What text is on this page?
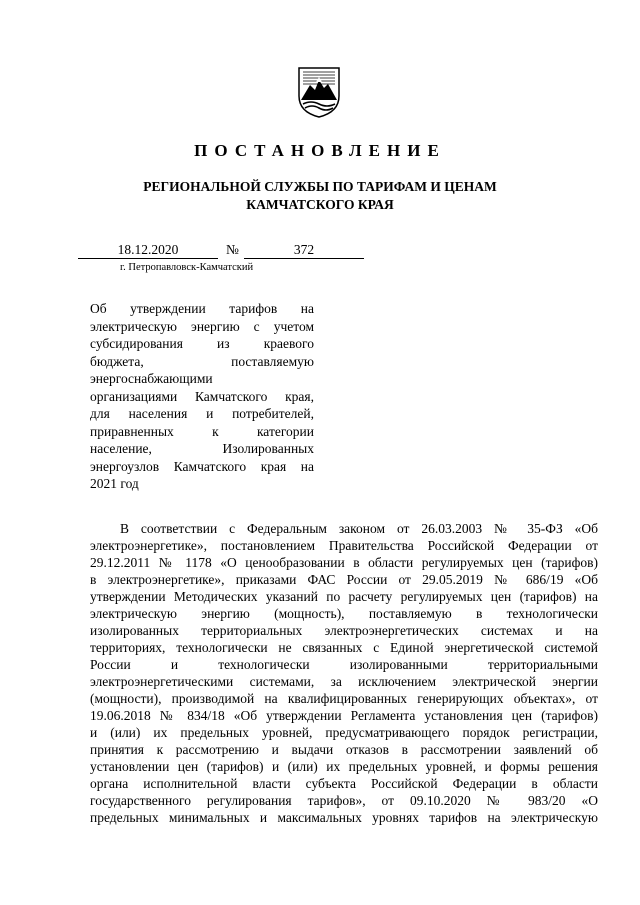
ПОСТАНОВЛЕНИЕ
РЕГИОНАЛЬНОЙ СЛУЖБЫ ПО ТАРИФАМ И ЦЕНАМ
КАМЧАТСКОГО КРАЯ
18.12.2020	№	372
г. Петропавловск-Камчатский
Об утверждении тарифов на
электрическую энергию с учетом
субсидирования из краевого
бюджета, поставляемую
энергоснабжающими
организациями Камчатского края,
для населения и потребителей,
приравненных к категории
население, Изолированных
энергоузлов Камчатского края на
2021 год
В соответствии с Федеральным законом от 26.03.2003 № 35-ФЗ «Об
электроэнергетике», постановлением Правительства Российской Федерации от
29.12.2011 № 1178 «О ценообразовании в области регулируемых цен (тарифов)
в электроэнергетике», приказами ФАС России от 29.05.2019 № 686/19 «Об
утверждении Методических указаний по расчету регулируемых цен (тарифов) на
электрическую энергию (мощность), поставляемую в технологически
изолированных территориальных электроэнергетических системах и на
территориях, технологически не связанных с Единой энергетической системой
России и технологически изолированными территориальными
электроэнергетическими системами, за исключением электрической энергии
(мощности), производимой на квалифицированных генерирующих объектах», от
19.06.2018 № 834/18 «Об утверждении Регламента установления цен (тарифов)
и (или) их предельных уровней, предусматривающего порядок регистрации,
принятия к рассмотрению и выдачи отказов в рассмотрении заявлений об
установлении цен (тарифов) и (или) их предельных уровней, и формы решения
органа исполнительной власти субъекта Российской Федерации в области
государственного регулирования тарифов», от 09.10.2020 № 983/20 «О
предельных минимальных и максимальных уровнях тарифов на электрическую
